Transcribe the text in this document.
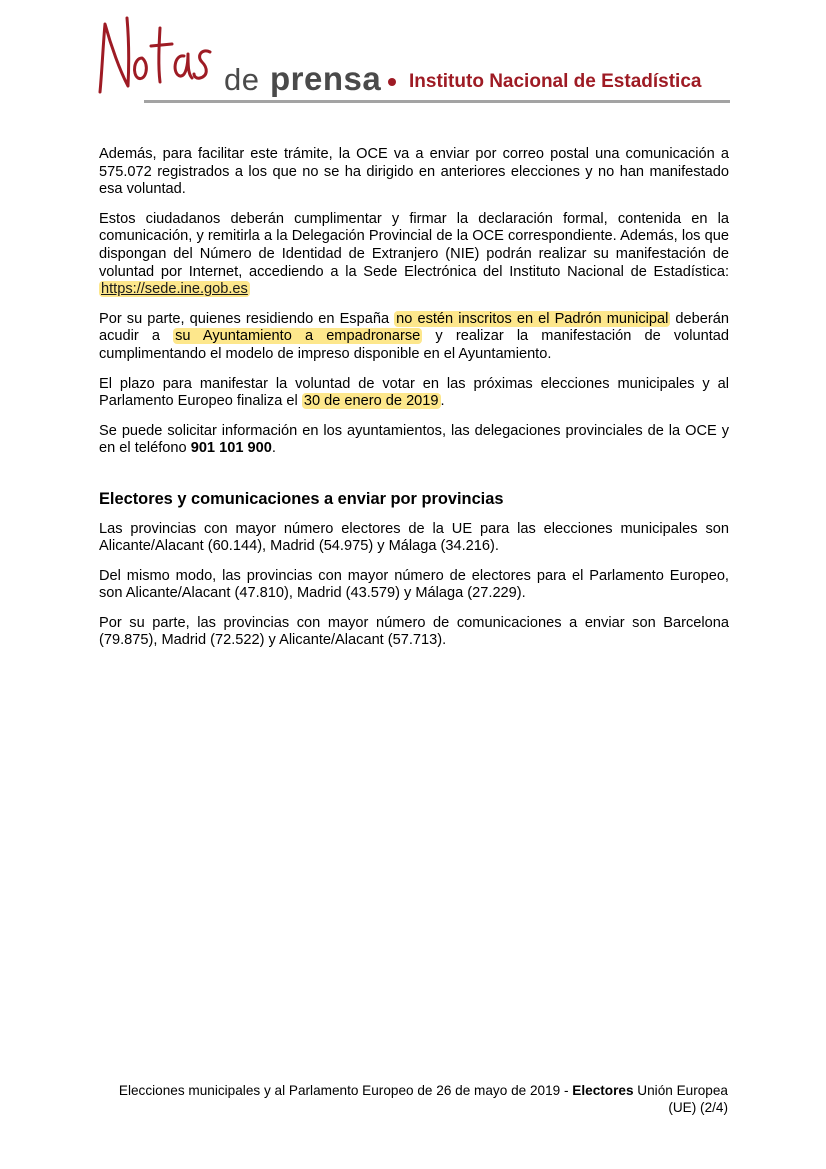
de prensa Instituto Nacional de Estadística

Además, para facilitar este trámite, la OCE va a enviar por correo postal una comunicación a 575.072 registrados a los que no se ha dirigido en anteriores elecciones y no han manifestado esa voluntad.

Estos ciudadanos deberán cumplimentar y firmar la declaración formal, contenida en la comunicación, y remitirla a la Delegación Provincial de la OCE correspondiente. Además, los que dispongan del Número de Identidad de Extranjero (NIE) podrán realizar su manifestación de voluntad por Internet, accediendo a la Sede Electrónica del Instituto Nacional de Estadística: https://sede.ine.gob.es

Por su parte, quienes residiendo en España no estén inscritos en el Padrón municipal deberán acudir a su Ayuntamiento a empadronarse y realizar la manifestación de voluntad cumplimentando el modelo de impreso disponible en el Ayuntamiento.

El plazo para manifestar la voluntad de votar en las próximas elecciones municipales y al Parlamento Europeo finaliza el 30 de enero de 2019 .

Se puede solicitar información en los ayuntamientos, las delegaciones provinciales de la OCE y en el teléfono 901 101 900.

Electores y comunicaciones a enviar por provincias

Las provincias con mayor número electores de la UE para las elecciones municipales son Alicante/Alacant (60.144), Madrid (54.975) y Málaga (34.216).

Del mismo modo, las provincias con mayor número de electores para el Parlamento Europeo, son Alicante/Alacant (47.810), Madrid (43.579) y Málaga (27.229).

Por su parte, las provincias con mayor número de comunicaciones a enviar son Barcelona (79.875), Madrid (72.522) y Alicante/Alacant (57.713).

Elecciones municipales y al Parlamento Europeo de 26 de mayo de 2019 - Electores Unión Europea (UE) (2/4)
